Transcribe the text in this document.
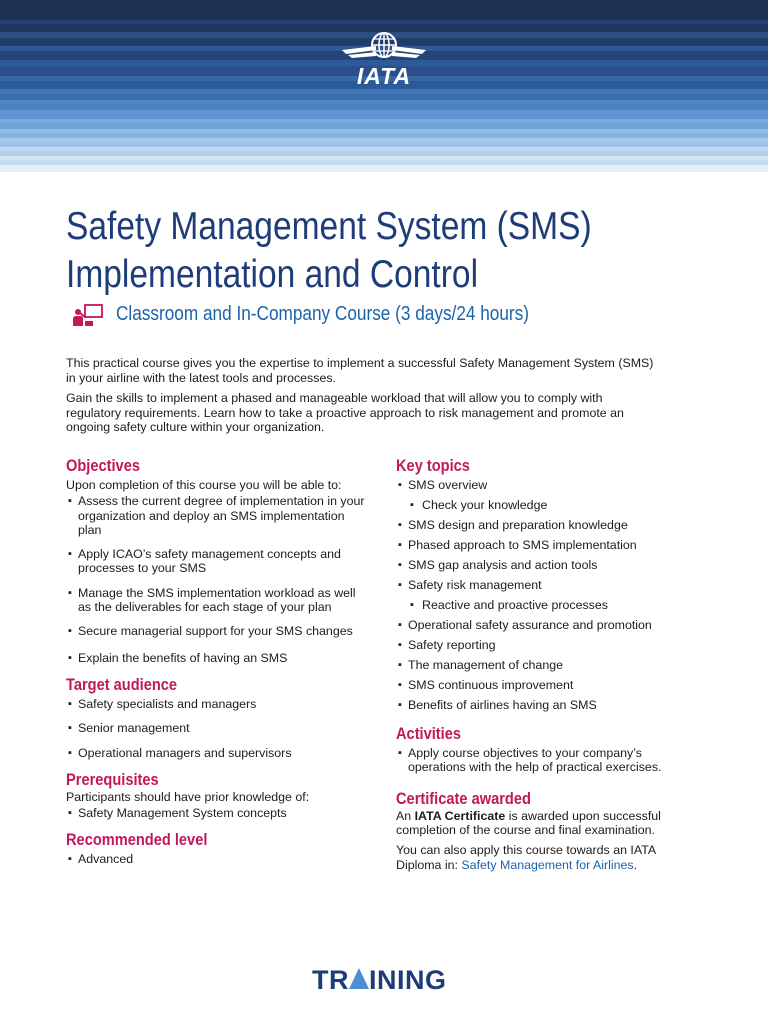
IATA
Safety Management System (SMS)
Implementation and Control
Classroom and In-Company Course (3 days/24 hours)

This practical course gives you the expertise to implement a successful Safety Management System (SMS) in your airline with the latest tools and processes.

Gain the skills to implement a phased and manageable workload that will allow you to comply with regulatory requirements. Learn how to take a proactive approach to risk management and promote an ongoing safety culture within your organization.

Objectives
Upon completion of this course you will be able to:
▪ Assess the current degree of implementation in your organization and deploy an SMS implementation plan
▪ Apply ICAO’s safety management concepts and processes to your SMS
▪ Manage the SMS implementation workload as well as the deliverables for each stage of your plan
▪ Secure managerial support for your SMS changes
▪ Explain the benefits of having an SMS
Target audience
▪ Safety specialists and managers
▪ Senior management
▪ Operational managers and supervisors
Prerequisites
Participants should have prior knowledge of:
▪ Safety Management System concepts
Recommended level
▪ Advanced
Key topics
▪ SMS overview
▪ Check your knowledge
▪ SMS design and preparation knowledge
▪ Phased approach to SMS implementation
▪ SMS gap analysis and action tools
▪ Safety risk management
▪ Reactive and proactive processes
▪ Operational safety assurance and promotion
▪ Safety reporting
▪ The management of change
▪ SMS continuous improvement
▪ Benefits of airlines having an SMS
Activities
▪ Apply course objectives to your company’s operations with the help of practical exercises.
Certificate awarded
An IATA Certificate is awarded upon successful completion of the course and final examination.
You can also apply this course towards an IATA Diploma in: Safety Management for Airlines.
TR INING
